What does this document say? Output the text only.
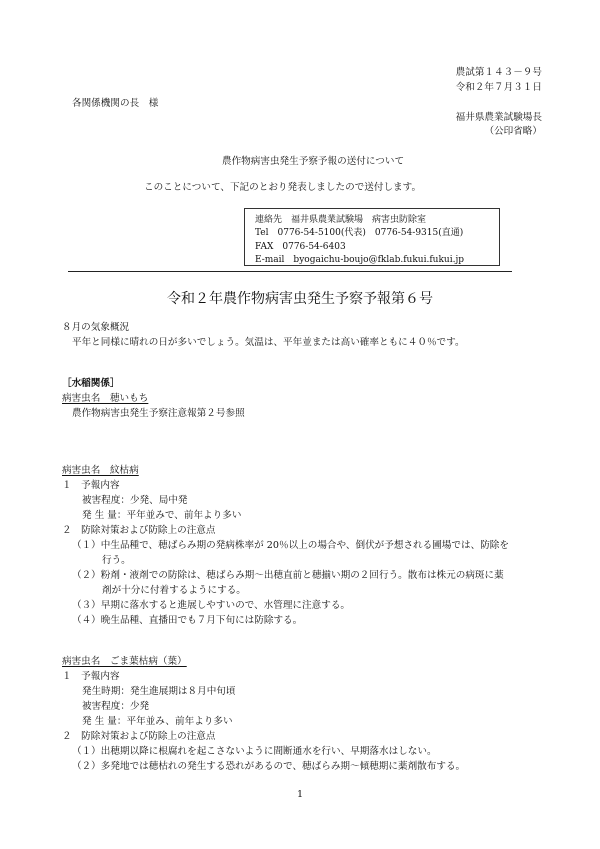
農試第１４３－９号
令和２年７月３１日
各関係機関の長　様
福井県農業試験場長
（公印省略）
農作物病害虫発生予察予報の送付について
このことについて、下記のとおり発表しましたので送付します。
連絡先　福井県農業試験場　病害虫防除室
Tel　0776-54-5100(代表)　0776-54-9315(直通)
FAX　0776-54-6403
E-mail　byogaichu-boujo@fklab.fukui.fukui.jp
令和２年農作物病害虫発生予察予報第６号
８月の気象概況
平年と同様に晴れの日が多いでしょう。気温は、平年並または高い確率ともに４０％です。
［水稲関係］
病害虫名　穂いもち
農作物病害虫発生予察注意報第２号参照
病害虫名　紋枯病
１　予報内容
被害程度：少発、局中発
発 生 量：平年並みで、前年より多い
２　防除対策および防除上の注意点
（１）中生品種で、穂ばらみ期の発病株率が 20％以上の場合や、倒伏が予想される圃場では、防除を
行う。
（２）粉剤・液剤での防除は、穂ばらみ期～出穂直前と穂揃い期の２回行う。散布は株元の病斑に薬
剤が十分に付着するようにする。
（３）早期に落水すると進展しやすいので、水管理に注意する。
（４）晩生品種、直播田でも７月下旬には防除する。
病害虫名　ごま葉枯病（葉）
１　予報内容
発生時期：発生進展期は８月中旬頃
被害程度：少発
発 生 量：平年並み、前年より多い
２　防除対策および防除上の注意点
（１）出穂期以降に根腐れを起こさないように間断通水を行い、早期落水はしない。
（２）多発地では穂枯れの発生する恐れがあるので、穂ばらみ期～傾穂期に薬剤散布する。
1
